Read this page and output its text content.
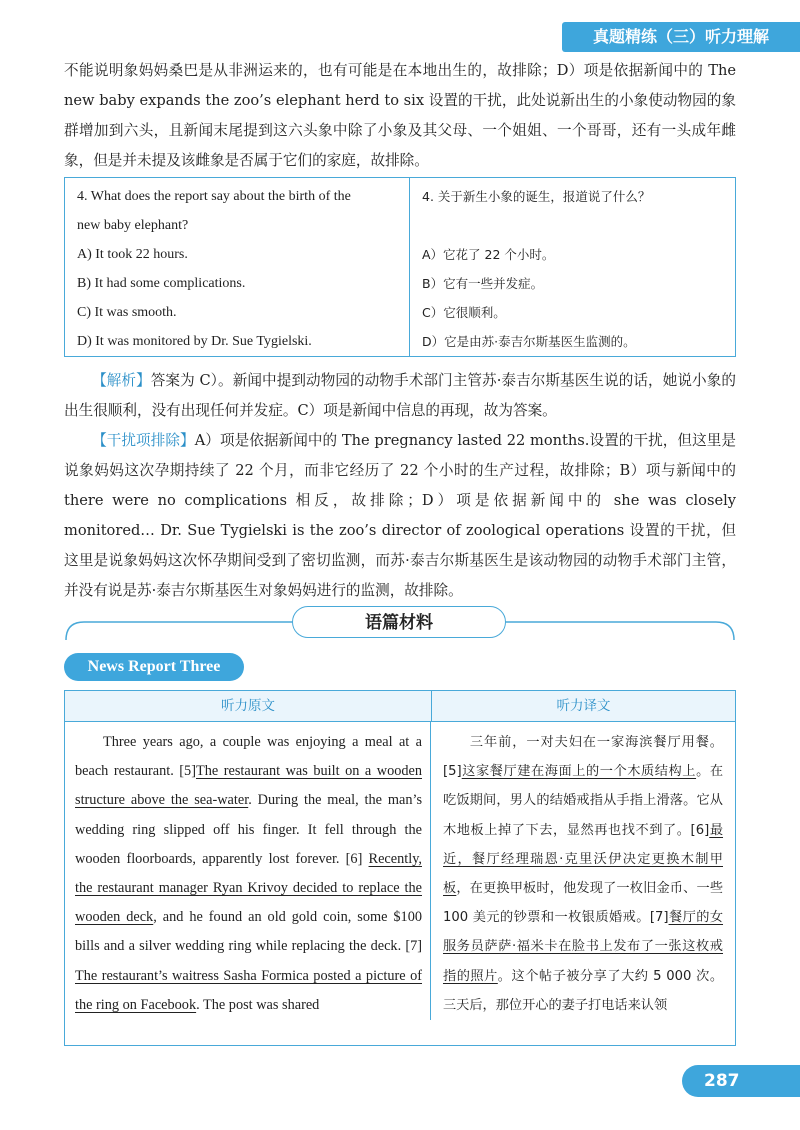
真题精练（三）听力理解
不能说明象妈妈桑巴是从非洲运来的，也有可能是在本地出生的，故排除；D）项是依据新闻中的 The new baby expands the zoo’s elephant herd to six 设置的干扰，此处说新出生的小象使动物园的象群增加到六头，且新闻末尾提到这六头象中除了小象及其父母、一个姐姐、一个哥哥，还有一头成年雌象，但是并未提及该雌象是否属于它们的家庭，故排除。
4. What does the report say about the birth of the
new baby elephant?
A) It took 22 hours.
B) It had some complications.
C) It was smooth.
D) It was monitored by Dr. Sue Tygielski.
4. 关于新生小象的诞生，报道说了什么？
A）它花了 22 个小时。
B）它有一些并发症。
C）它很顺利。
D）它是由苏·泰吉尔斯基医生监测的。
【解析】答案为 C）。新闻中提到动物园的动物手术部门主管苏·泰吉尔斯基医生说的话，她说小象的出生很顺利，没有出现任何并发症。C）项是新闻中信息的再现，故为答案。
【干扰项排除】A）项是依据新闻中的 The pregnancy lasted 22 months.设置的干扰，但这里是说象妈妈这次孕期持续了 22 个月，而非它经历了 22 个小时的生产过程，故排除；B）项与新闻中的 there were no complications 相反，故排除；D）项是依据新闻中的 she was closely monitored… Dr. Sue Tygielski is the zoo’s director of zoological operations 设置的干扰，但这里是说象妈妈这次怀孕期间受到了密切监测，而苏·泰吉尔斯基医生是该动物园的动物手术部门主管，并没有说是苏·泰吉尔斯基医生对象妈妈进行的监测，故排除。
语篇材料
News Report Three
听力原文	听力译文
Three years ago, a couple was enjoying a meal at a beach restaurant. [5]The restaurant was built on a wooden structure above the sea-water. During the meal, the man’s wedding ring slipped off his finger. It fell through the wooden floorboards, apparently lost forever. [6] Recently, the restaurant manager Ryan Krivoy decided to replace the wooden deck, and he found an old gold coin, some $100 bills and a silver wedding ring while replacing the deck. [7] The restaurant’s waitress Sasha Formica posted a picture of the ring on Facebook. The post was shared
三年前，一对夫妇在一家海滨餐厅用餐。[5]这家餐厅建在海面上的一个木质结构上。在吃饭期间，男人的结婚戒指从手指上滑落。它从木地板上掉了下去，显然再也找不到了。[6]最近，餐厅经理瑞恩·克里沃伊决定更换木制甲板，在更换甲板时，他发现了一枚旧金币、一些 100 美元的钞票和一枚银质婚戒。[7]餐厅的女服务员萨萨·福米卡在脸书上发布了一张这枚戒指的照片。这个帖子被分享了大约 5 000 次。三天后，那位开心的妻子打电话来认领
287
